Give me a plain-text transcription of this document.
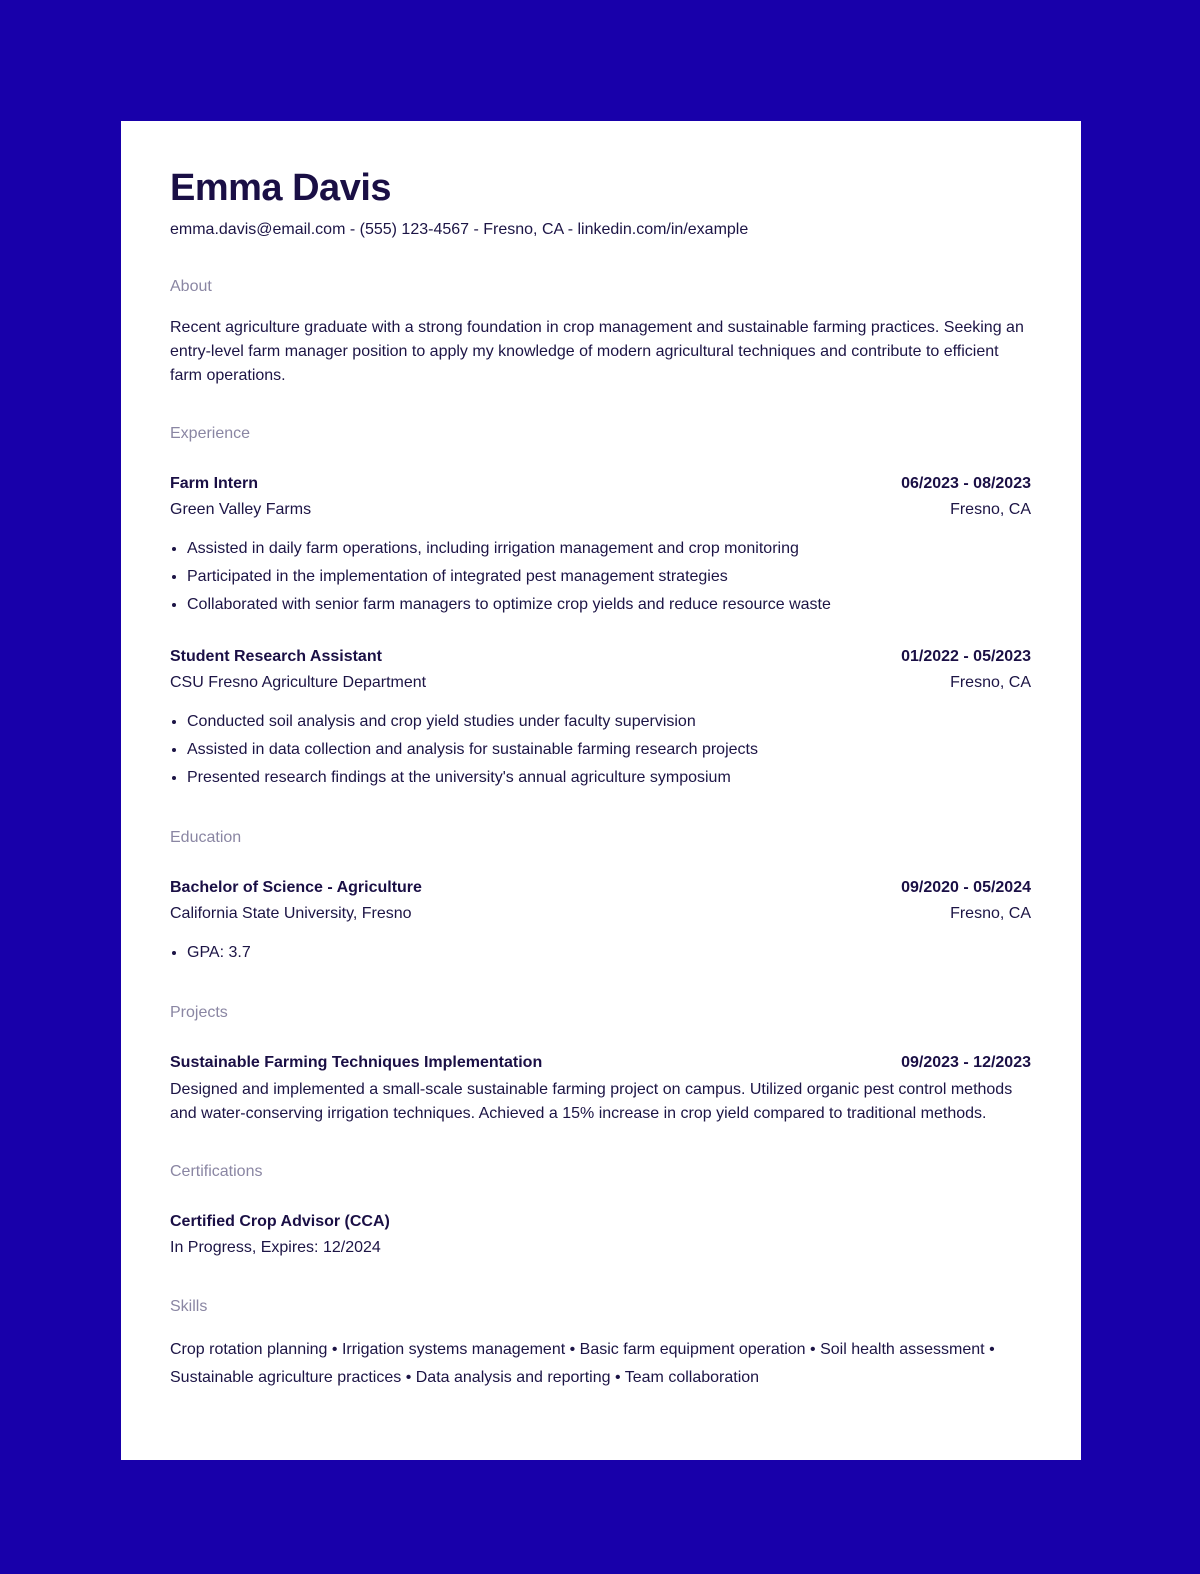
Emma Davis
emma.davis@email.com - (555) 123-4567 - Fresno, CA - linkedin.com/in/example
About
Recent agriculture graduate with a strong foundation in crop management and sustainable farming practices. Seeking an entry-level farm manager position to apply my knowledge of modern agricultural techniques and contribute to efficient farm operations.
Experience
Farm Intern	06/2023 - 08/2023
Green Valley Farms	Fresno, CA
• Assisted in daily farm operations, including irrigation management and crop monitoring
• Participated in the implementation of integrated pest management strategies
• Collaborated with senior farm managers to optimize crop yields and reduce resource waste
Student Research Assistant	01/2022 - 05/2023
CSU Fresno Agriculture Department	Fresno, CA
• Conducted soil analysis and crop yield studies under faculty supervision
• Assisted in data collection and analysis for sustainable farming research projects
• Presented research findings at the university's annual agriculture symposium
Education
Bachelor of Science - Agriculture	09/2020 - 05/2024
California State University, Fresno	Fresno, CA
• GPA: 3.7
Projects
Sustainable Farming Techniques Implementation	09/2023 - 12/2023
Designed and implemented a small-scale sustainable farming project on campus. Utilized organic pest control methods and water-conserving irrigation techniques. Achieved a 15% increase in crop yield compared to traditional methods.
Certifications
Certified Crop Advisor (CCA)
In Progress, Expires: 12/2024
Skills
Crop rotation planning • Irrigation systems management • Basic farm equipment operation • Soil health assessment • Sustainable agriculture practices • Data analysis and reporting • Team collaboration
